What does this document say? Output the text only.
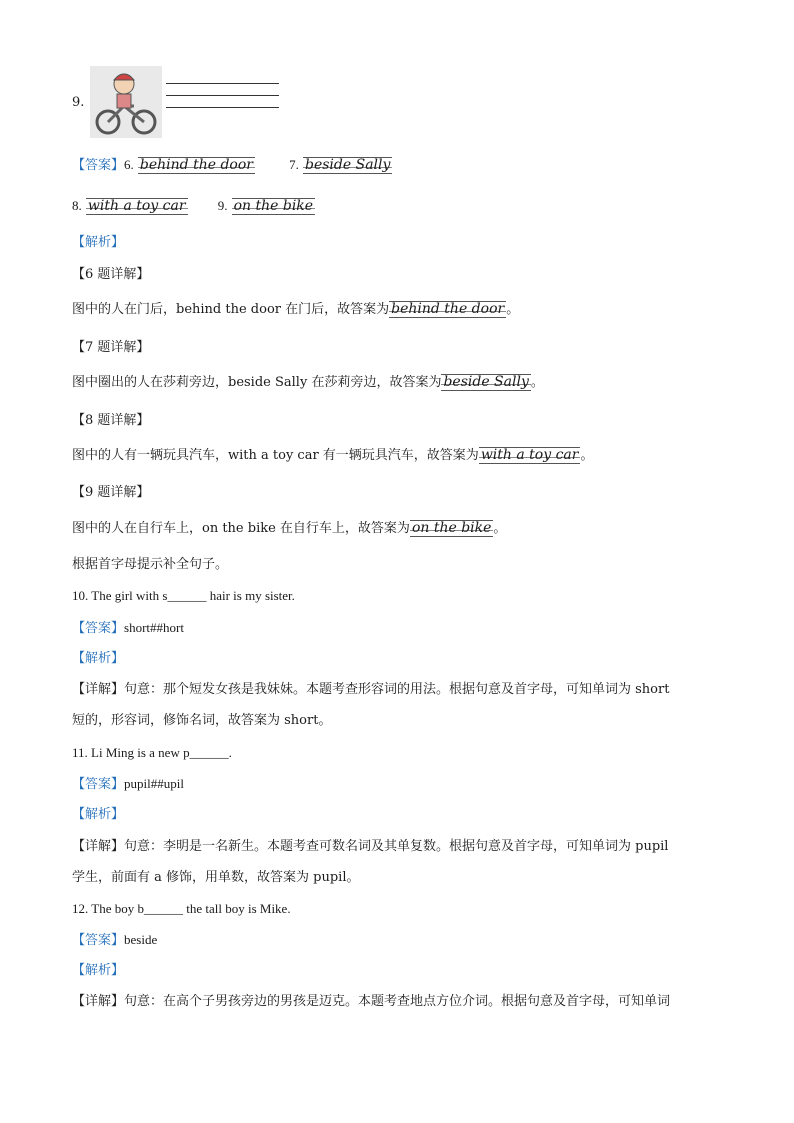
9.
【答案】6. behind the door	7. beside Sally
8. with a toy car 9. on the bike
【解析】
【6 题详解】
图中的人在门后，behind the door 在门后，故答案为 behind the door 。
【7 题详解】
图中圈出的人在莎莉旁边，beside Sally 在莎莉旁边，故答案为 beside Sally 。
【8 题详解】
图中的人有一辆玩具汽车，with a toy car 有一辆玩具汽车，故答案为 with a toy car 。
【9 题详解】
图中的人在自行车上，on the bike 在自行车上，故答案为 on the bike 。
根据首字母提示补全句子。
10. The girl with s______ hair is my sister.
【答案】short##hort
【解析】
【详解】句意：那个短发女孩是我妹妹。本题考查形容词的用法。根据句意及首字母，可知单词为 short
短的，形容词，修饰名词，故答案为 short。
11. Li Ming is a new p______.
【答案】pupil##upil
【解析】
【详解】句意：李明是一名新生。本题考查可数名词及其单复数。根据句意及首字母，可知单词为 pupil
学生，前面有 a 修饰，用单数，故答案为 pupil。
12. The boy b______ the tall boy is Mike.
【答案】beside
【解析】
【详解】句意：在高个子男孩旁边的男孩是迈克。本题考查地点方位介词。根据句意及首字母，可知单词
